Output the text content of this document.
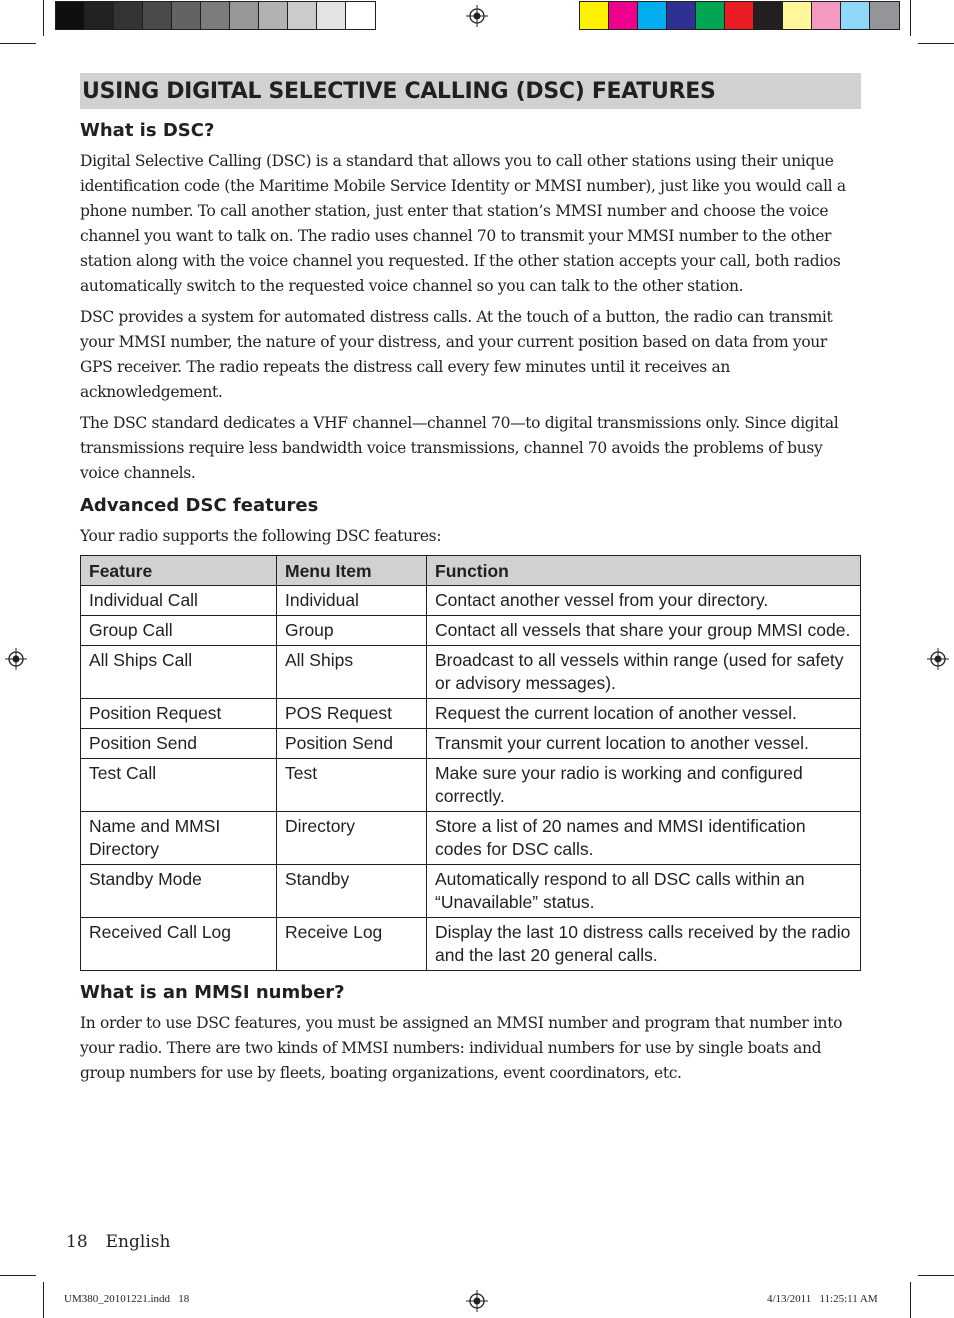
USING DIGITAL SELECTIVE CALLING (DSC) FEATURES
What is DSC?

Digital Selective Calling (DSC) is a standard that allows you to call other stations using their unique identification code (the Maritime Mobile Service Identity or MMSI number), just like you would call a phone number. To call another station, just enter that station’s MMSI number and choose the voice channel you want to talk on. The radio uses channel 70 to transmit your MMSI number to the other station along with the voice channel you requested. If the other station accepts your call, both radios automatically switch to the requested voice channel so you can talk to the other station.

DSC provides a system for automated distress calls. At the touch of a button, the radio can transmit your MMSI number, the nature of your distress, and your current position based on data from your GPS receiver. The radio repeats the distress call every few minutes until it receives an acknowledgement.

The DSC standard dedicates a VHF channel—channel 70—to digital transmissions only. Since digital transmissions require less bandwidth voice transmissions, channel 70 avoids the problems of busy voice channels.

Advanced DSC features

Your radio supports the following DSC features:

Feature	Menu Item	Function
Individual Call	Individual	Contact another vessel from your directory.
Group Call	Group	Contact all vessels that share your group MMSI code.
All Ships Call	All Ships	Broadcast to all vessels within range (used for safety or advisory messages).
Position Request	POS Request	Request the current location of another vessel.
Position Send	Position Send	Transmit your current location to another vessel.
Test Call	Test	Make sure your radio is working and configured correctly.
Name and MMSI Directory	Directory	Store a list of 20 names and MMSI identification codes for DSC calls.
Standby Mode	Standby	Automatically respond to all DSC calls within an “Unavailable” status.
Received Call Log	Receive Log	Display the last 10 distress calls received by the radio and the last 20 general calls.
What is an MMSI number?

In order to use DSC features, you must be assigned an MMSI number and program that number into your radio. There are two kinds of MMSI numbers: individual numbers for use by single boats and group numbers for use by fleets, boating organizations, event coordinators, etc.

18 English
UM380_20101221.indd   18	4/13/2011   11:25:11 AM
